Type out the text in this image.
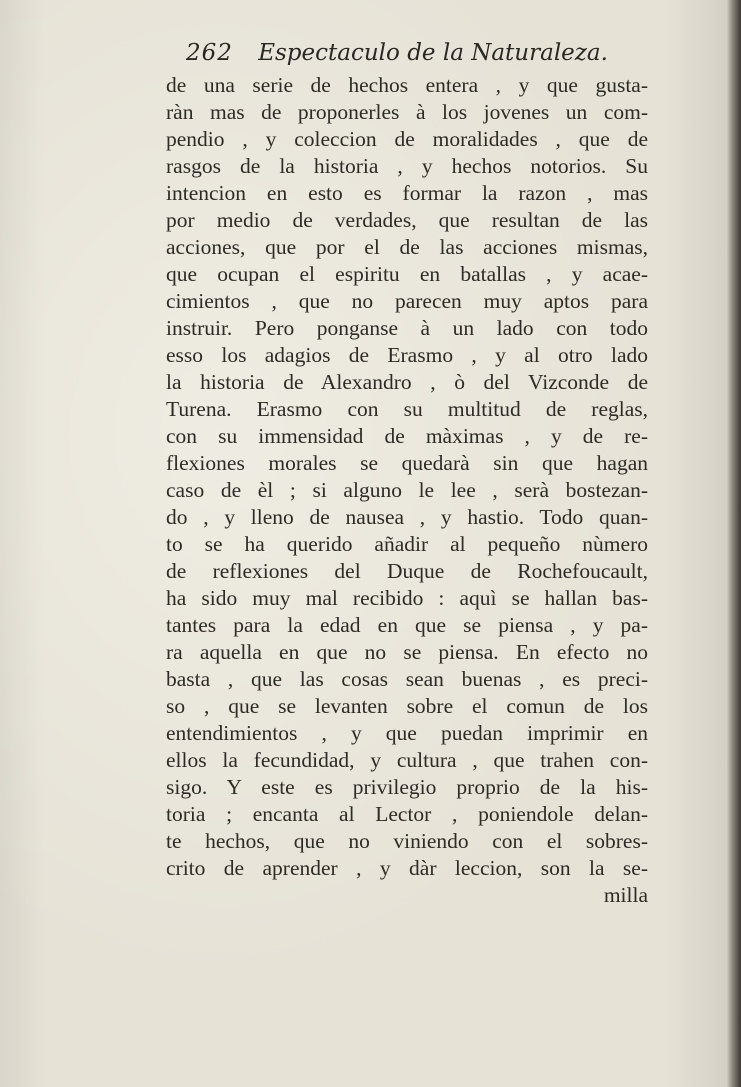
262 Espectaculo de la Naturaleza.
de una serie de hechos entera , y que gusta-
ràn mas de proponerles à los jovenes un com-
pendio , y coleccion de moralidades , que de
rasgos de la historia , y hechos notorios. Su
intencion en esto es formar la razon , mas
por medio de verdades, que resultan de las
acciones, que por el de las acciones mismas,
que ocupan el espiritu en batallas , y acae-
cimientos , que no parecen muy aptos para
instruir. Pero ponganse à un lado con todo
esso los adagios de Erasmo , y al otro lado
la historia de Alexandro , ò del Vizconde de
Turena. Erasmo con su multitud de reglas,
con su immensidad de màximas , y de re-
flexiones morales se quedarà sin que hagan
caso de èl ; si alguno le lee , serà bostezan-
do , y lleno de nausea , y hastio. Todo quan-
to se ha querido añadir al pequeño nùmero
de reflexiones del Duque de Rochefoucault,
ha sido muy mal recibido : aquì se hallan bas-
tantes para la edad en que se piensa , y pa-
ra aquella en que no se piensa. En efecto no
basta , que las cosas sean buenas , es preci-
so , que se levanten sobre el comun de los
entendimientos , y que puedan imprimir en
ellos la fecundidad, y cultura , que trahen con-
sigo. Y este es privilegio proprio de la his-
toria ; encanta al Lector , poniendole delan-
te hechos, que no viniendo con el sobres-
crito de aprender , y dàr leccion, son la se-
milla
